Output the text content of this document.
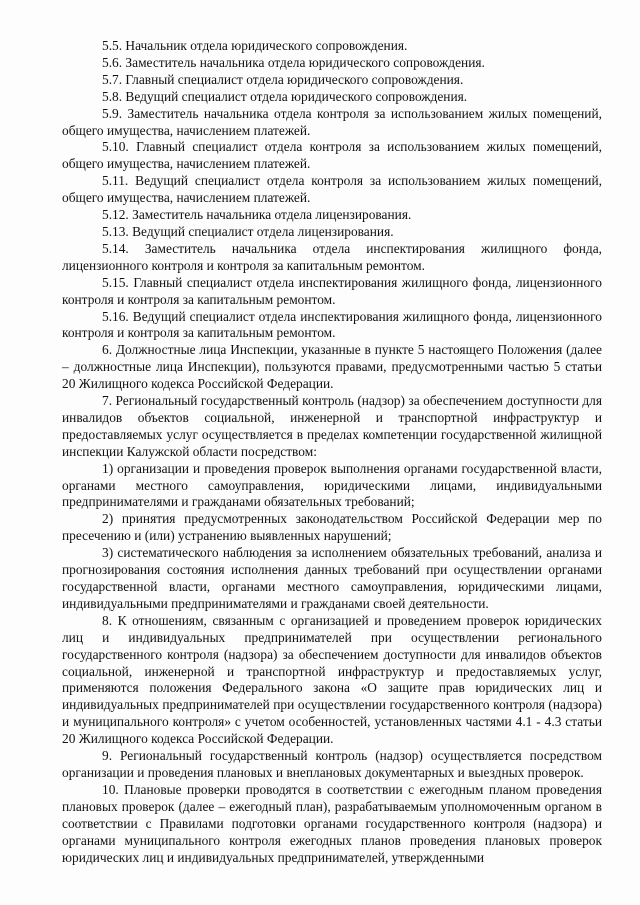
5.5. Начальник отдела юридического сопровождения.

5.6. Заместитель начальника отдела юридического сопровождения.

5.7. Главный специалист отдела юридического сопровождения.

5.8. Ведущий специалист отдела юридического сопровождения.

5.9. Заместитель начальника отдела контроля за использованием жилых помещений, общего имущества, начислением платежей.

5.10. Главный специалист отдела контроля за использованием жилых помещений, общего имущества, начислением платежей.

5.11. Ведущий специалист отдела контроля за использованием жилых помещений, общего имущества, начислением платежей.

5.12. Заместитель начальника отдела лицензирования.

5.13. Ведущий специалист отдела лицензирования.

5.14. Заместитель начальника отдела инспектирования жилищного фонда, лицензионного контроля и контроля за капитальным ремонтом.

5.15. Главный специалист отдела инспектирования жилищного фонда, лицензионного контроля и контроля за капитальным ремонтом.

5.16. Ведущий специалист отдела инспектирования жилищного фонда, лицензионного контроля и контроля за капитальным ремонтом.

6. Должностные лица Инспекции, указанные в пункте 5 настоящего Положения (далее – должностные лица Инспекции), пользуются правами, предусмотренными частью 5 статьи 20 Жилищного кодекса Российской Федерации.

7. Региональный государственный контроль (надзор) за обеспечением доступности для инвалидов объектов социальной, инженерной и транспортной инфраструктур и предоставляемых услуг осуществляется в пределах компетенции государственной жилищной инспекции Калужской области посредством:

1) организации и проведения проверок выполнения органами государственной власти, органами местного самоуправления, юридическими лицами, индивидуальными предпринимателями и гражданами обязательных требований;

2) принятия предусмотренных законодательством Российской Федерации мер по пресечению и (или) устранению выявленных нарушений;

3) систематического наблюдения за исполнением обязательных требований, анализа и прогнозирования состояния исполнения данных требований при осуществлении органами государственной власти, органами местного самоуправления, юридическими лицами, индивидуальными предпринимателями и гражданами своей деятельности.

8. К отношениям, связанным с организацией и проведением проверок юридических лиц и индивидуальных предпринимателей при осуществлении регионального государственного контроля (надзора) за обеспечением доступности для инвалидов объектов социальной, инженерной и транспортной инфраструктур и предоставляемых услуг, применяются положения Федерального закона «О защите прав юридических лиц и индивидуальных предпринимателей при осуществлении государственного контроля (надзора) и муниципального контроля» с учетом особенностей, установленных частями 4.1 - 4.3 статьи 20 Жилищного кодекса Российской Федерации.

9. Региональный государственный контроль (надзор) осуществляется посредством организации и проведения плановых и внеплановых документарных и выездных проверок.

10. Плановые проверки проводятся в соответствии с ежегодным планом проведения плановых проверок (далее – ежегодный план), разрабатываемым уполномоченным органом в соответствии с Правилами подготовки органами государственного контроля (надзора) и органами муниципального контроля ежегодных планов проведения плановых проверок юридических лиц и индивидуальных предпринимателей, утвержденными
